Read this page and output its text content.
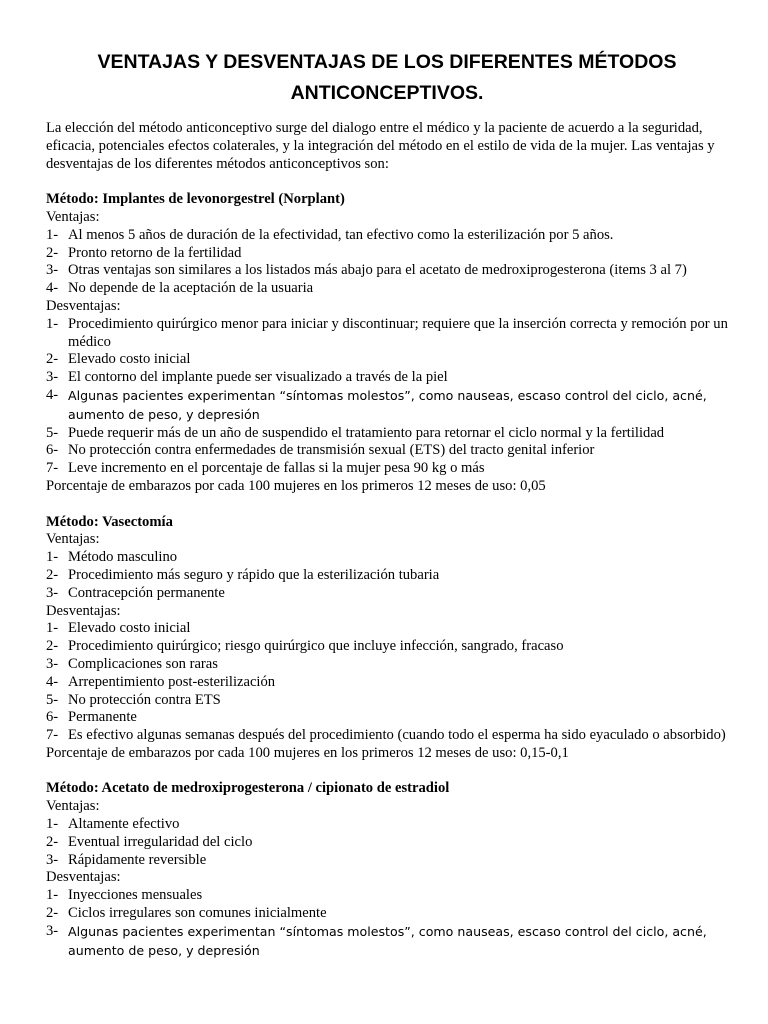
VENTAJAS Y DESVENTAJAS DE LOS DIFERENTES MÉTODOS ANTICONCEPTIVOS.

La elección del método anticonceptivo surge del dialogo entre el médico y la paciente de acuerdo a la seguridad, eficacia, potenciales efectos colaterales, y la integración del método en el estilo de vida de la mujer. Las ventajas y desventajas de los diferentes métodos anticonceptivos son:

Método: Implantes de levonorgestrel (Norplant)
Ventajas:
1- Al menos 5 años de duración de la efectividad, tan efectivo como la esterilización por 5 años.
2- Pronto retorno de la fertilidad
3- Otras ventajas son similares a los listados más abajo para el acetato de medroxiprogesterona (items 3 al 7)
4- No depende de la aceptación de la usuaria
Desventajas:
1- Procedimiento quirúrgico menor para iniciar y discontinuar; requiere que la inserción correcta y remoción por un médico
2- Elevado costo inicial
3- El contorno del implante puede ser visualizado a través de la piel
4- Algunas pacientes experimentan “síntomas molestos”, como nauseas, escaso control del ciclo, acné, aumento de peso, y depresión
5- Puede requerir más de un año de suspendido el tratamiento para retornar el ciclo normal y la fertilidad
6- No protección contra enfermedades de transmisión sexual (ETS) del tracto genital inferior
7- Leve incremento en el porcentaje de fallas si la mujer pesa 90 kg o más
Porcentaje de embarazos por cada 100 mujeres en los primeros 12 meses de uso: 0,05
Método: Vasectomía
Ventajas:
1- Método masculino
2- Procedimiento más seguro y rápido que la esterilización tubaria
3- Contracepción permanente
Desventajas:
1- Elevado costo inicial
2- Procedimiento quirúrgico; riesgo quirúrgico que incluye infección, sangrado, fracaso
3- Complicaciones son raras
4- Arrepentimiento post-esterilización
5- No protección contra ETS
6- Permanente
7- Es efectivo algunas semanas después del procedimiento (cuando todo el esperma ha sido eyaculado o absorbido)
Porcentaje de embarazos por cada 100 mujeres en los primeros 12 meses de uso: 0,15-0,1
Método: Acetato de medroxiprogesterona / cipionato de estradiol
Ventajas:
1- Altamente efectivo
2- Eventual irregularidad del ciclo
3- Rápidamente reversible
Desventajas:
1- Inyecciones mensuales
2- Ciclos irregulares son comunes inicialmente
3- Algunas pacientes experimentan “síntomas molestos”, como nauseas, escaso control del ciclo, acné, aumento de peso, y depresión
